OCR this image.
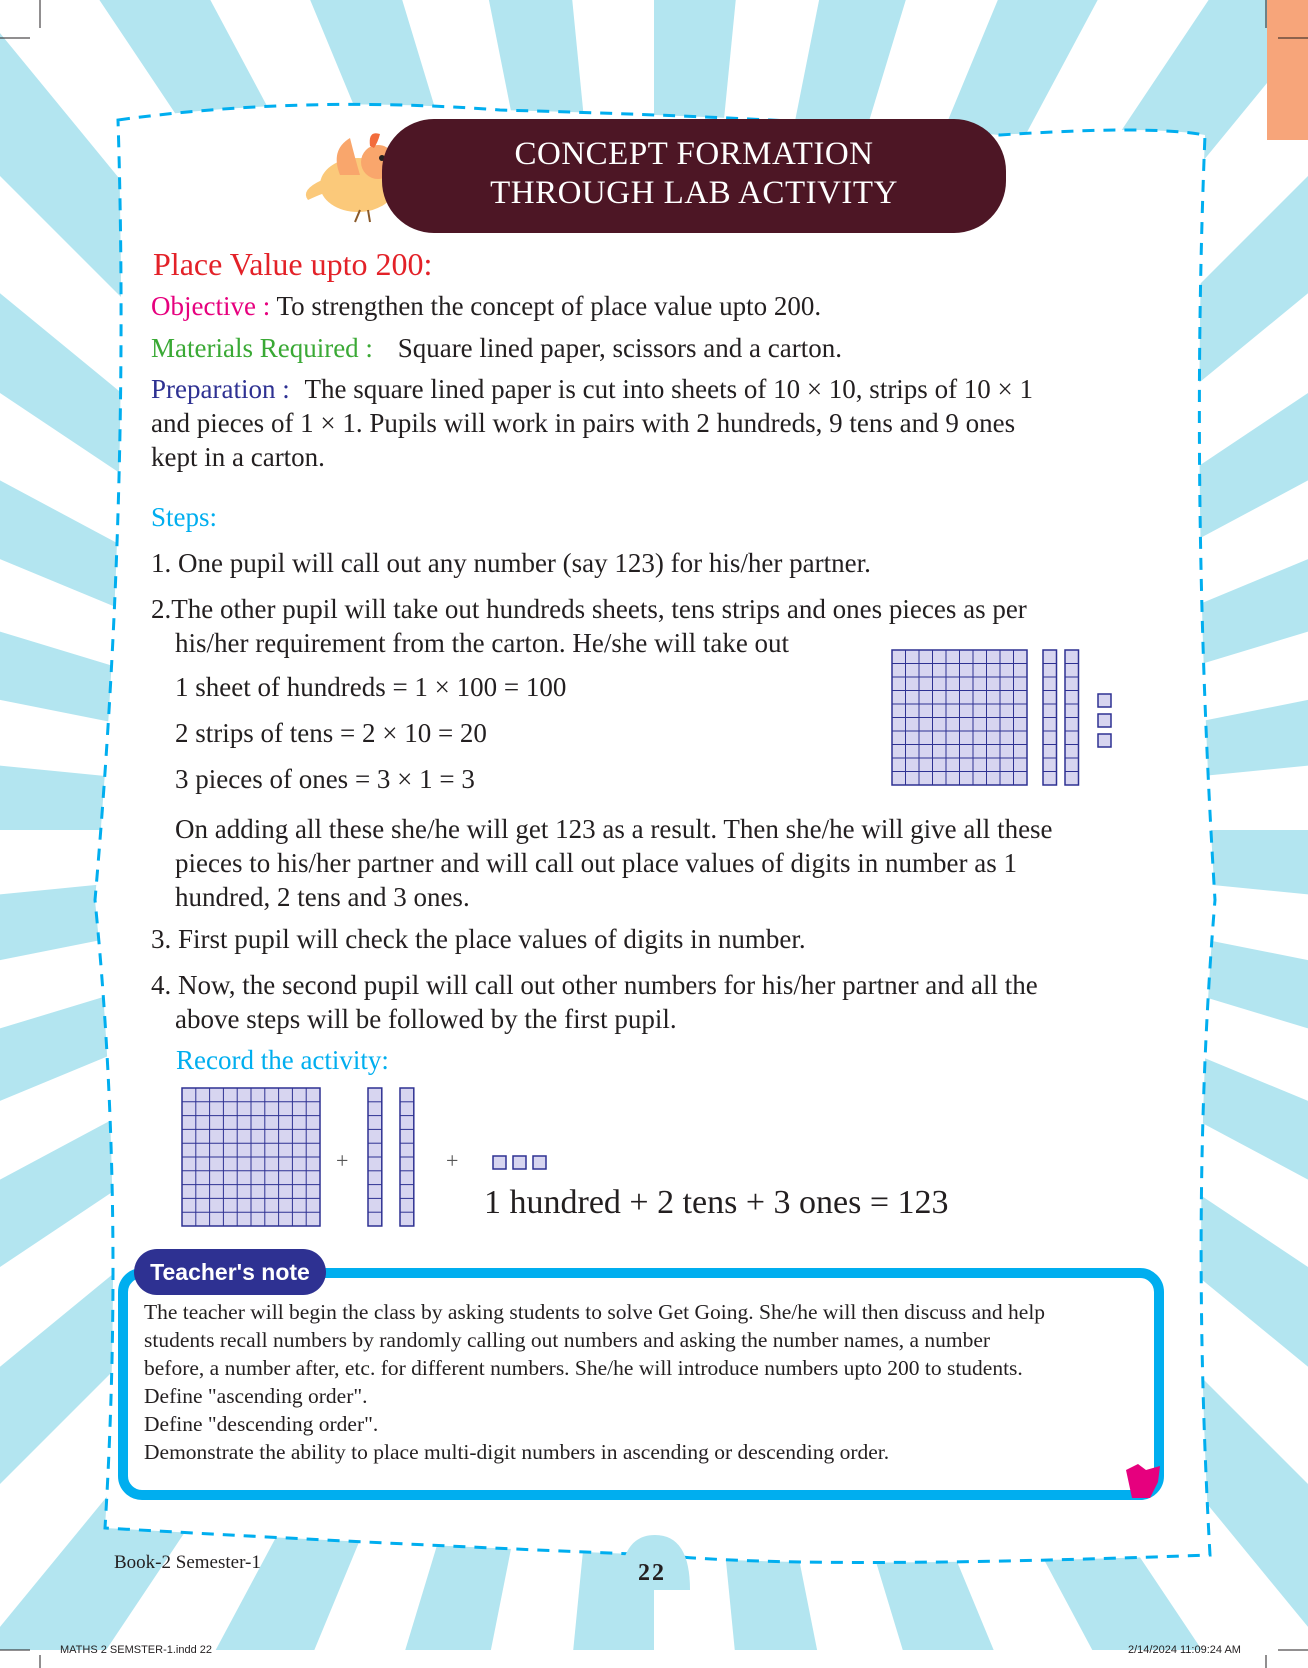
CONCEPT FORMATION
THROUGH LAB ACTIVITY
Place Value upto 200:
Objective : To strengthen the concept of place value upto 200.
Materials Required : Square lined paper, scissors and a carton.
Preparation : The square lined paper is cut into sheets of 10 × 10, strips of 10 × 1
and pieces of 1 × 1. Pupils will work in pairs with 2 hundreds, 9 tens and 9 ones
kept in a carton.
Steps:
1. One pupil will call out any number (say 123) for his/her partner.
2.The other pupil will take out hundreds sheets, tens strips and ones pieces as per
his/her requirement from the carton. He/she will take out
1 sheet of hundreds = 1 × 100 = 100
2 strips of tens = 2 × 10 = 20
3 pieces of ones = 3 × 1 = 3
On adding all these she/he will get 123 as a result. Then she/he will give all these
pieces to his/her partner and will call out place values of digits in number as 1
hundred, 2 tens and 3 ones.
3. First pupil will check the place values of digits in number.
4. Now, the second pupil will call out other numbers for his/her partner and all the
above steps will be followed by the first pupil.
Record the activity:
+	+
1 hundred + 2 tens + 3 ones = 123
Teacher's note
The teacher will begin the class by asking students to solve Get Going. She/he will then discuss and help
students recall numbers by randomly calling out numbers and asking the number names, a number
before, a number after, etc. for different numbers. She/he will introduce numbers upto 200 to students.
Define "ascending order".
Define "descending order".
Demonstrate the ability to place multi-digit numbers in ascending or descending order.
Book-2 Semester-1	22
MATHS 2 SEMSTER-1.indd 22	2/14/2024 11:09:24 AM
